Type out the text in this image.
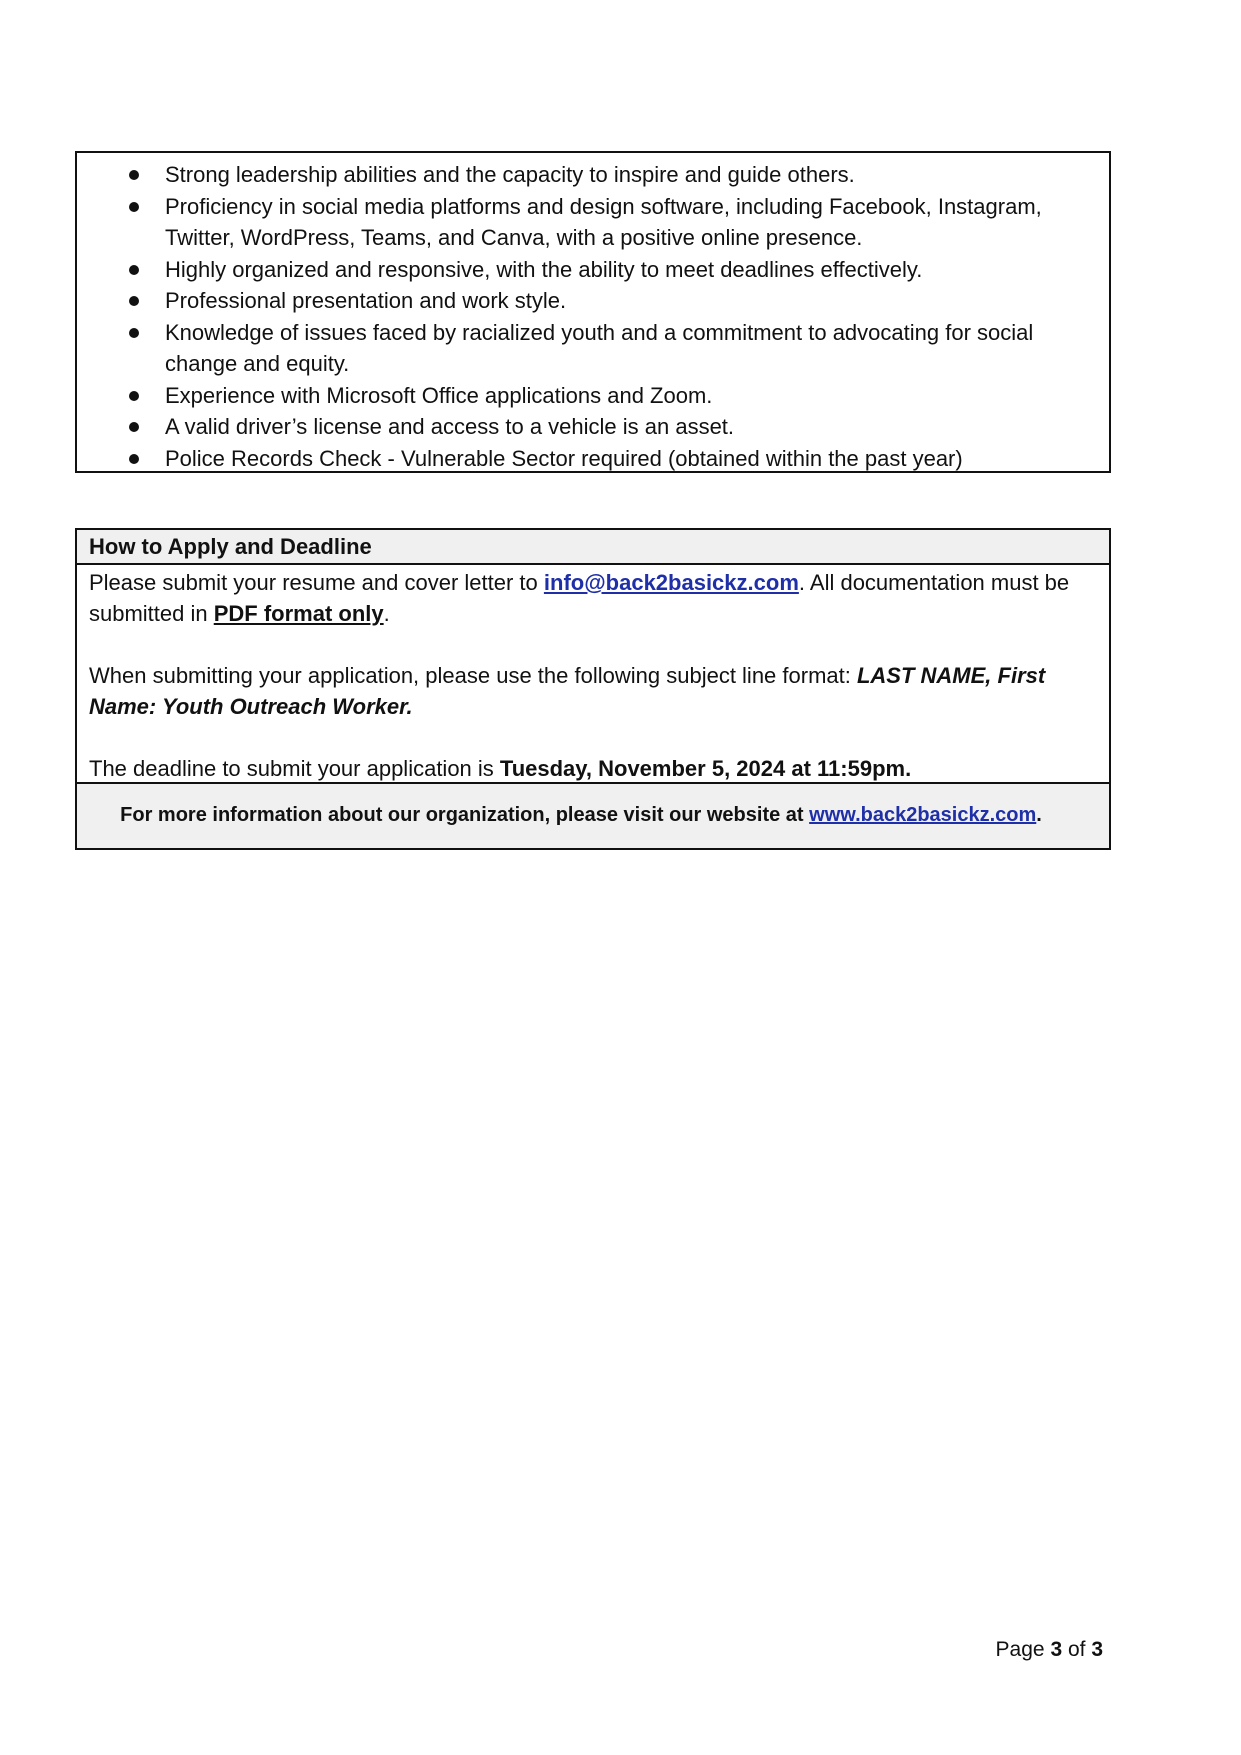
Strong leadership abilities and the capacity to inspire and guide others.
Proficiency in social media platforms and design software, including Facebook, Instagram, Twitter, WordPress, Teams, and Canva, with a positive online presence.
Highly organized and responsive, with the ability to meet deadlines effectively.
Professional presentation and work style.
Knowledge of issues faced by racialized youth and a commitment to advocating for social change and equity.
Experience with Microsoft Office applications and Zoom.
A valid driver’s license and access to a vehicle is an asset.
Police Records Check - Vulnerable Sector required (obtained within the past year)
How to Apply and Deadline

Please submit your resume and cover letter to info@back2basickz.com. All documentation must be submitted in PDF format only.

When submitting your application, please use the following subject line format: LAST NAME, First Name: Youth Outreach Worker.

The deadline to submit your application is Tuesday, November 5, 2024 at 11:59pm.

For more information about our organization, please visit our website at www.back2basickz.com.
Page 3 of 3
